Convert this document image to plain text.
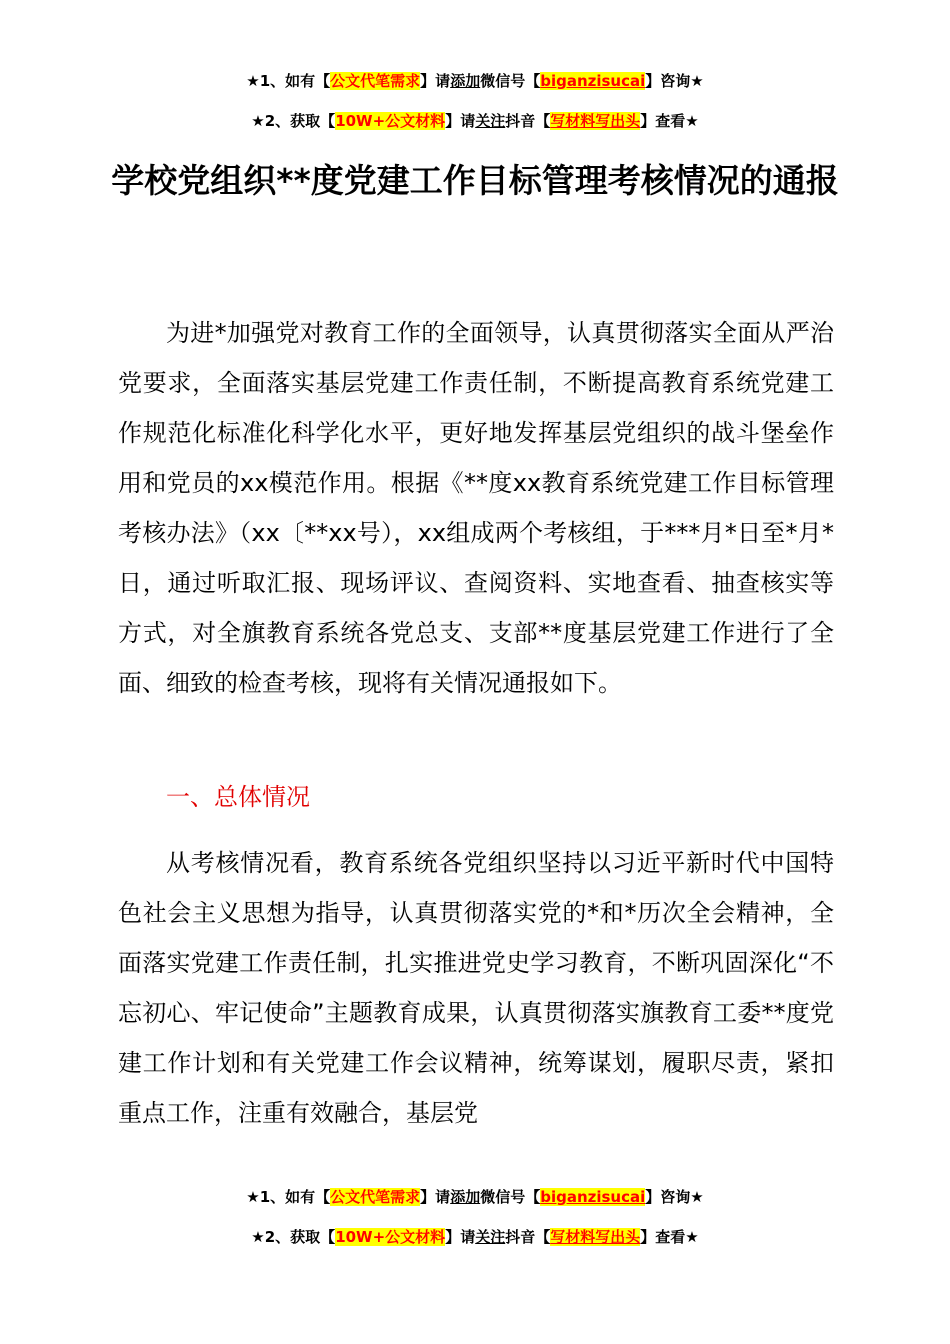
★1、如有【公文代笔需求】请添加微信号【biganzisucai】咨询★
★2、获取【10W+公文材料】请关注抖音【写材料写出头】查看★
学校党组织**度党建工作目标管理考核情况的通报

为进*加强党对教育工作的全面领导，认真贯彻落实全面从严治党要求，全面落实基层党建工作责任制，不断提高教育系统党建工作规范化标准化科学化水平，更好地发挥基层党组织的战斗堡垒作用和党员的xx模范作用。根据《**度xx教育系统党建工作目标管理考核办法》（xx〔**xx号），xx组成两个考核组，于***月*日至*月*日，通过听取汇报、现场评议、查阅资料、实地查看、抽查核实等方式，对全旗教育系统各党总支、支部**度基层党建工作进行了全面、细致的检查考核，现将有关情况通报如下。

一、总体情况

从考核情况看，教育系统各党组织坚持以习近平新时代中国特色社会主义思想为指导，认真贯彻落实党的*和*历次全会精神，全面落实党建工作责任制，扎实推进党史学习教育，不断巩固深化“不忘初心、牢记使命”主题教育成果，认真贯彻落实旗教育工委**度党建工作计划和有关党建工作会议精神，统筹谋划，履职尽责，紧扣重点工作，注重有效融合，基层党

★1、如有【公文代笔需求】请添加微信号【biganzisucai】咨询★
★2、获取【10W+公文材料】请关注抖音【写材料写出头】查看★
